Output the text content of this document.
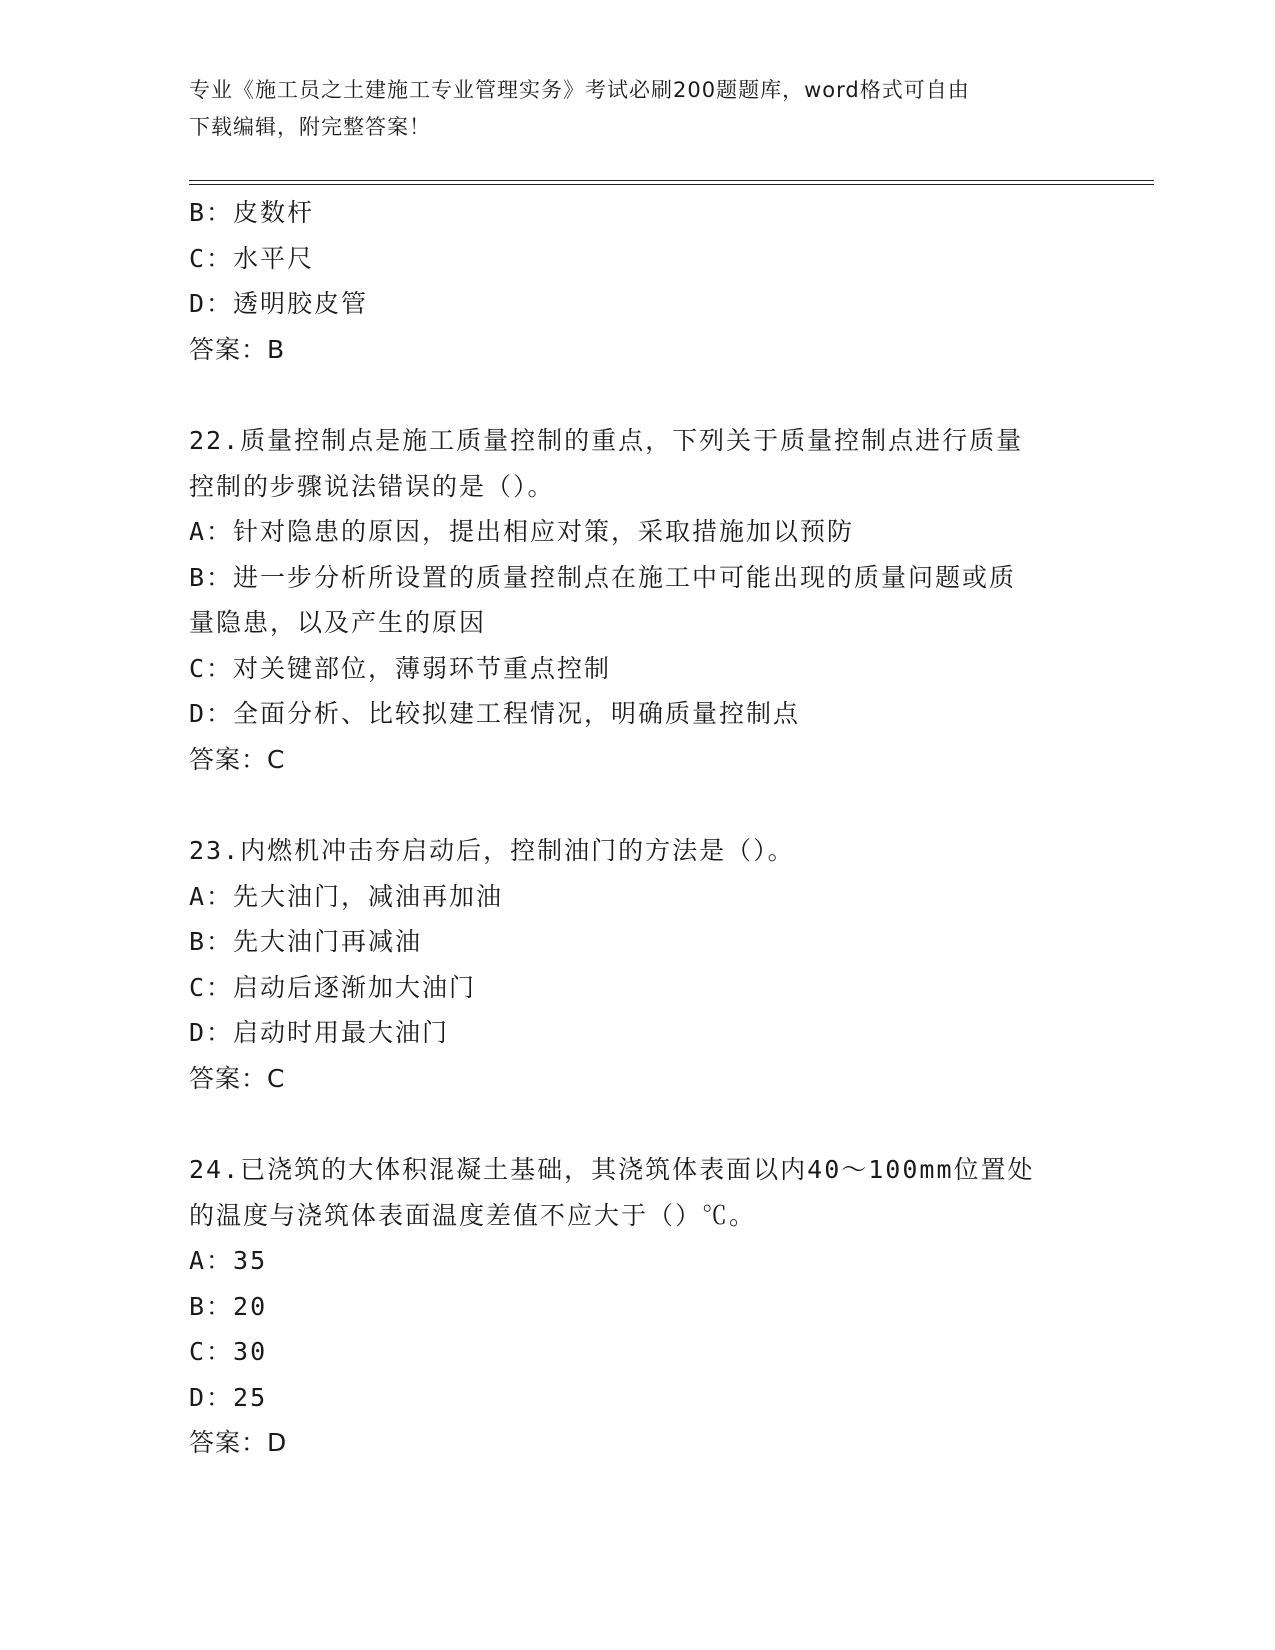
专业《施工员之土建施工专业管理实务》考试必刷200题题库，word格式可自由
下载编辑，附完整答案！
B：皮数杆
C：水平尺
D：透明胶皮管
答案：B
22.质量控制点是施工质量控制的重点，下列关于质量控制点进行质量
控制的步骤说法错误的是（）。
A：针对隐患的原因，提出相应对策，采取措施加以预防
B：进一步分析所设置的质量控制点在施工中可能出现的质量问题或质
量隐患，以及产生的原因
C：对关键部位，薄弱环节重点控制
D：全面分析、比较拟建工程情况，明确质量控制点
答案：C
23.内燃机冲击夯启动后，控制油门的方法是（）。
A：先大油门，减油再加油
B：先大油门再减油
C：启动后逐渐加大油门
D：启动时用最大油门
答案：C
24.已浇筑的大体积混凝土基础，其浇筑体表面以内40～100mm位置处
的温度与浇筑体表面温度差值不应大于（）℃。
A：35
B：20
C：30
D：25
答案：D
